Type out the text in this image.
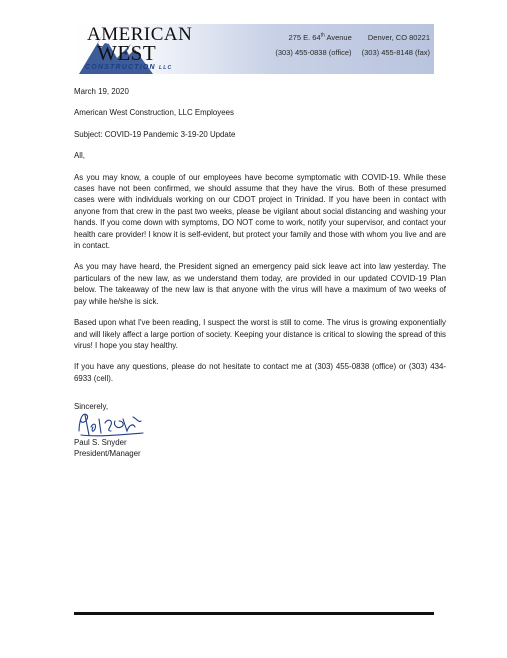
AMERICAN
WEST
CONSTRUCTION LLC
275 E. 64th Avenue Denver, CO 80221
(303) 455-0838 (office) (303) 455-8148 (fax)

March 19, 2020

American West Construction, LLC Employees

Subject: COVID-19 Pandemic 3-19-20 Update

All,

As you may know, a couple of our employees have become symptomatic with COVID-19. While these cases have not been confirmed, we should assume that they have the virus. Both of these presumed cases were with individuals working on our CDOT project in Trinidad. If you have been in contact with anyone from that crew in the past two weeks, please be vigilant about social distancing and washing your hands. If you come down with symptoms, DO NOT come to work, notify your supervisor, and contact your health care provider! I know it is self-evident, but protect your family and those with whom you live and are in contact.

As you may have heard, the President signed an emergency paid sick leave act into law yesterday. The particulars of the new law, as we understand them today, are provided in our updated COVID-19 Plan below. The takeaway of the new law is that anyone with the virus will have a maximum of two weeks of pay while he/she is sick.

Based upon what I've been reading, I suspect the worst is still to come. The virus is growing exponentially and will likely affect a large portion of society. Keeping your distance is critical to slowing the spread of this virus! I hope you stay healthy.

If you have any questions, please do not hesitate to contact me at (303) 455-0838 (office) or (303) 434-6933 (cell).

Sincerely,
Paul S. Snyder
President/Manager
